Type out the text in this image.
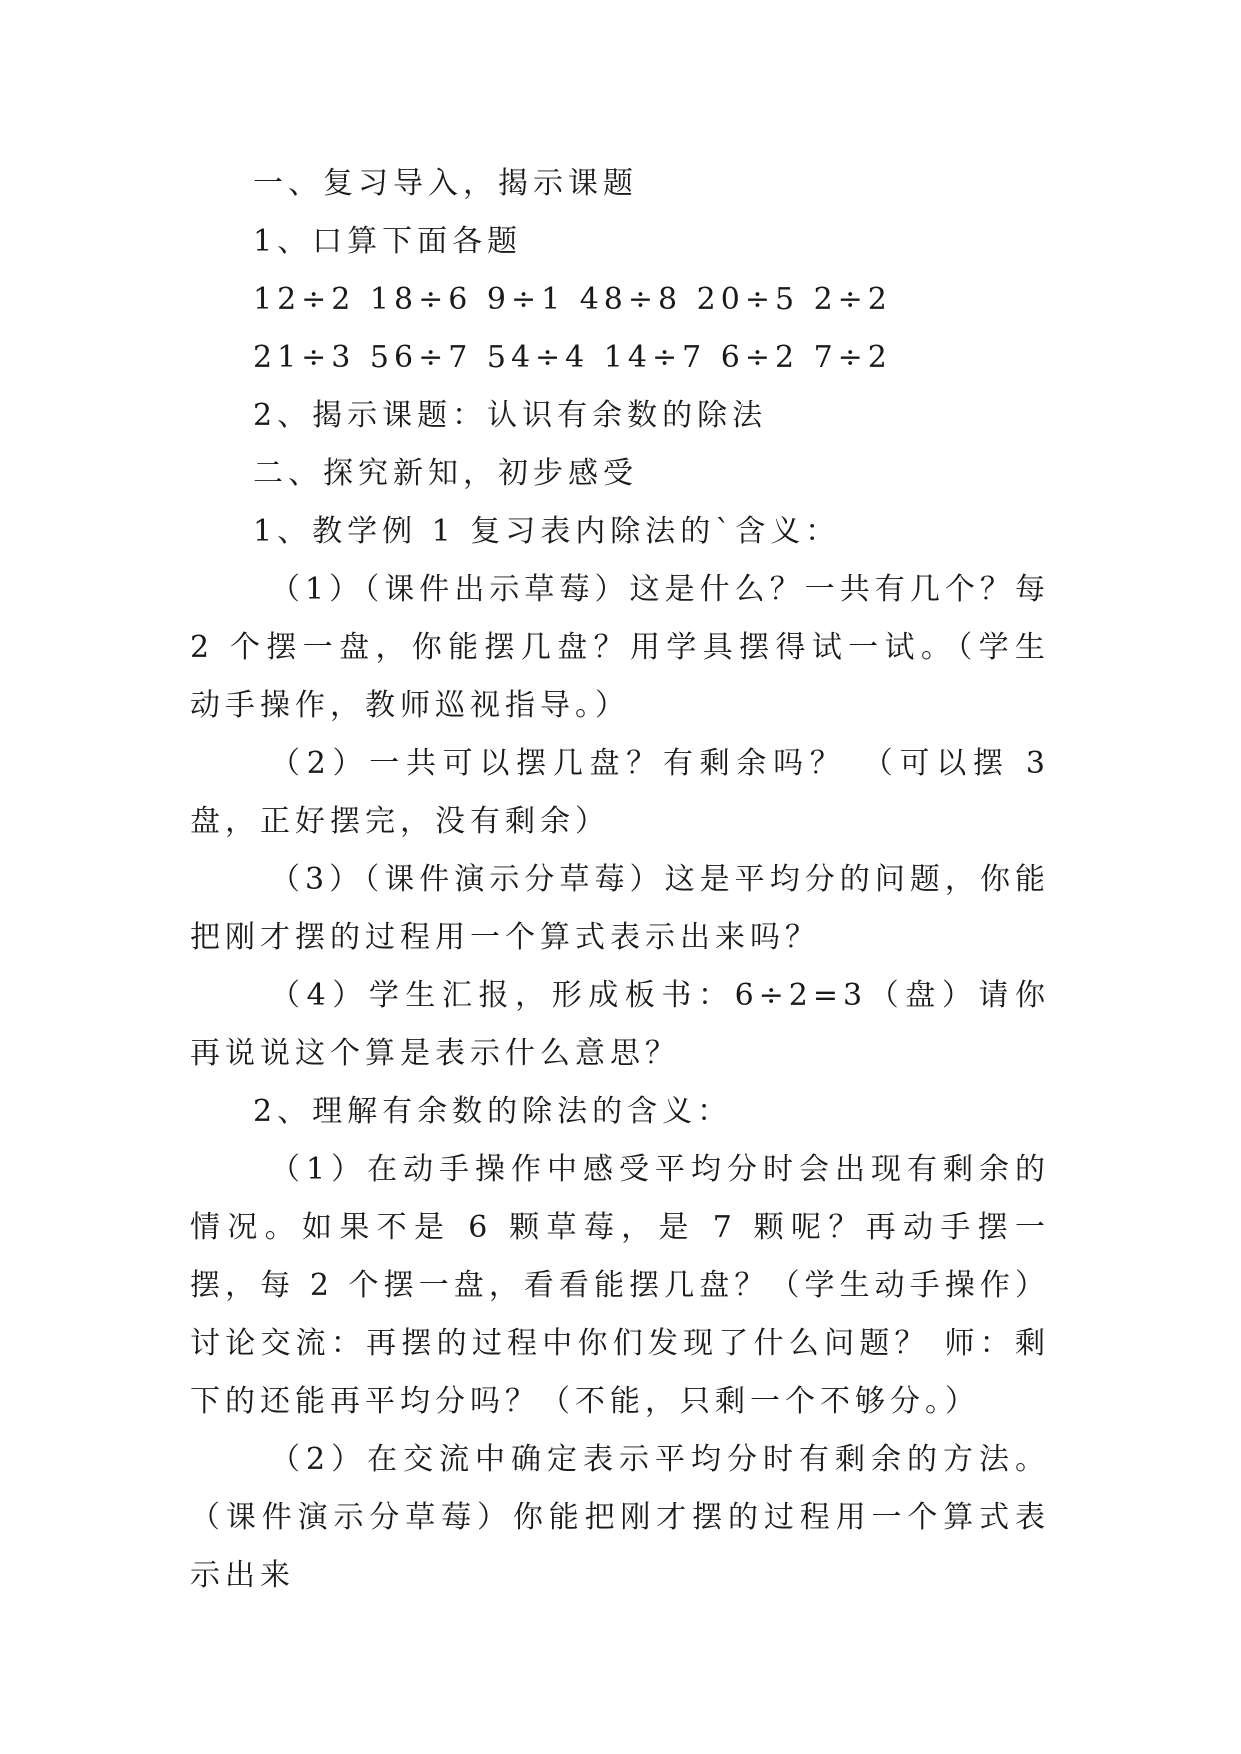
一、复习导入，揭示课题

1、口算下面各题

12÷2 18÷6 9÷1 48÷8 20÷5 2÷2

21÷3 56÷7 54÷4 14÷7 6÷2 7÷2

2、揭示课题：认识有余数的除法

二、探究新知，初步感受

1、教学例 1 复习表内除法的`含义：

（1）（课件出示草莓）这是什么？一共有几个？每 2 个摆一盘，你能摆几盘？用学具摆得试一试。（学生动手操作，教师巡视指导。）

（2）一共可以摆几盘？有剩余吗？ （可以摆 3 盘，正好摆完，没有剩余）

（3）（课件演示分草莓）这是平均分的问题，你能把刚才摆的过程用一个算式表示出来吗？

（4）学生汇报，形成板书：6÷2=3（盘）请你再说说这个算是表示什么意思？

2、理解有余数的除法的含义：

（1）在动手操作中感受平均分时会出现有剩余的情况。如果不是 6 颗草莓，是 7 颗呢？再动手摆一摆，每 2 个摆一盘，看看能摆几盘？（学生动手操作） 讨论交流：再摆的过程中你们发现了什么问题？ 师：剩下的还能再平均分吗？（不能，只剩一个不够分。）

（2）在交流中确定表示平均分时有剩余的方法。 （课件演示分草莓）你能把刚才摆的过程用一个算式表示出来
